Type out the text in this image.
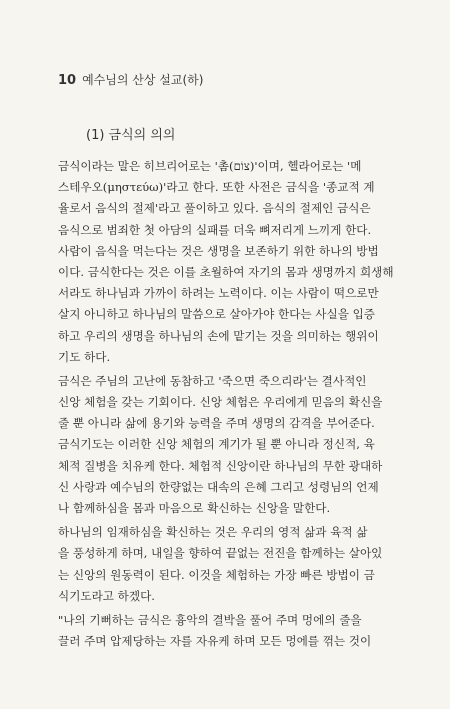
10 예수님의 산상 설교(하)
(1) 금식의 의의
금식이라는 말은 히브리어로는 '촘(צוֹם)'이며, 헬라어로는 '메
스테우오(μηστεύω)'라고 한다. 또한 사전은 금식을 '종교적 계
율로서 음식의 절제'라고 풀이하고 있다. 음식의 절제인 금식은
음식으로 범죄한 첫 아담의 실패를 더욱 뼈저리게 느끼게 한다.
사람이 음식을 먹는다는 것은 생명을 보존하기 위한 하나의 방법
이다. 금식한다는 것은 이를 초월하여 자기의 몸과 생명까지 희생해
서라도 하나님과 가까이 하려는 노력이다. 이는 사람이 떡으로만
살지 아니하고 하나님의 말씀으로 살아가야 한다는 사실을 입증
하고 우리의 생명을 하나님의 손에 맡기는 것을 의미하는 행위이
기도 하다.
금식은 주님의 고난에 동참하고 '죽으면 죽으리라'는 결사적인
신앙 체험을 갖는 기회이다. 신앙 체험은 우리에게 믿음의 확신을
줄 뿐 아니라 삶에 용기와 능력을 주며 생명의 감격을 부어준다.
금식기도는 이러한 신앙 체험의 계기가 될 뿐 아니라 정신적, 육
체적 질병을 치유케 한다. 체험적 신앙이란 하나님의 무한 광대하
신 사랑과 예수님의 한량없는 대속의 은혜 그리고 성령님의 언제
나 함께하심을 몸과 마음으로 확신하는 신앙을 말한다.
하나님의 임재하심을 확신하는 것은 우리의 영적 삶과 육적 삶
을 풍성하게 하며, 내일을 향하여 끝없는 전진을 함께하는 살아있
는 신앙의 원동력이 된다. 이것을 체험하는 가장 빠른 방법이 금
식기도라고 하겠다.
"나의 기뻐하는 금식은 흉악의 결박을 풀어 주며 멍에의 줄을
끌러 주며 압제당하는 자를 자유케 하며 모든 멍에를 꺾는 것이
